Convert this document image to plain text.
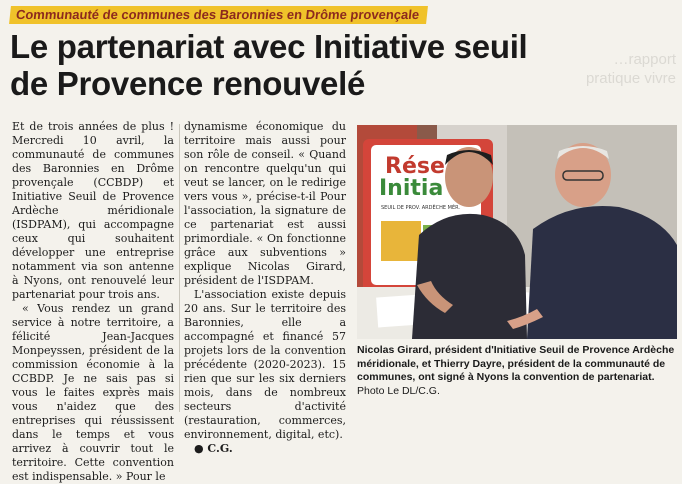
Communauté de communes des Baronnies en Drôme provençale
Le partenariat avec Initiative seuil
de Provence renouvelé
…rapport pratique vivre

Et de trois années de plus ! Mercredi 10 avril, la communauté de communes des Baronnies en Drôme provençale (CCBDP) et Initiative Seuil de Provence Ardèche méridionale (ISDPAM), qui accompagne ceux qui souhaitent développer une entreprise notamment via son antenne à Nyons, ont renouvelé leur partenariat pour trois ans.

« Vous rendez un grand service à notre territoire, a félicité Jean-Jacques Monpeyssen, président de la commission économie à la CCBDP. Je ne sais pas si vous le faites exprès mais vous n'aidez que des entreprises qui réussissent dans le temps et vous arrivez à couvrir tout le territoire. Cette convention est indispensable. » Pour le

dynamisme économique du territoire mais aussi pour son rôle de conseil. « Quand on rencontre quelqu'un qui veut se lancer, on le redirige vers vous », précise-t-il Pour l'association, la signature de ce partenariat est aussi primordiale. « On fonctionne grâce aux subventions » explique Nicolas Girard, président de l'ISDPAM.

L'association existe depuis 20 ans. Sur le territoire des Baronnies, elle a accompagné et financé 57 projets lors de la convention précédente (2020-2023). 15 rien que sur les six derniers mois, dans de nombreux secteurs d'activité (restauration, commerces, environnement, digital, etc).

● C.G.

Rése
Initia
SEUIL DE PROV. ARDÈCHE MÉR.
Nicolas Girard, président d'Initiative Seuil de Provence Ardèche méridionale, et Thierry Dayre, président de la communauté de communes, ont signé à Nyons la convention de partenariat. Photo Le DL/C.G.
